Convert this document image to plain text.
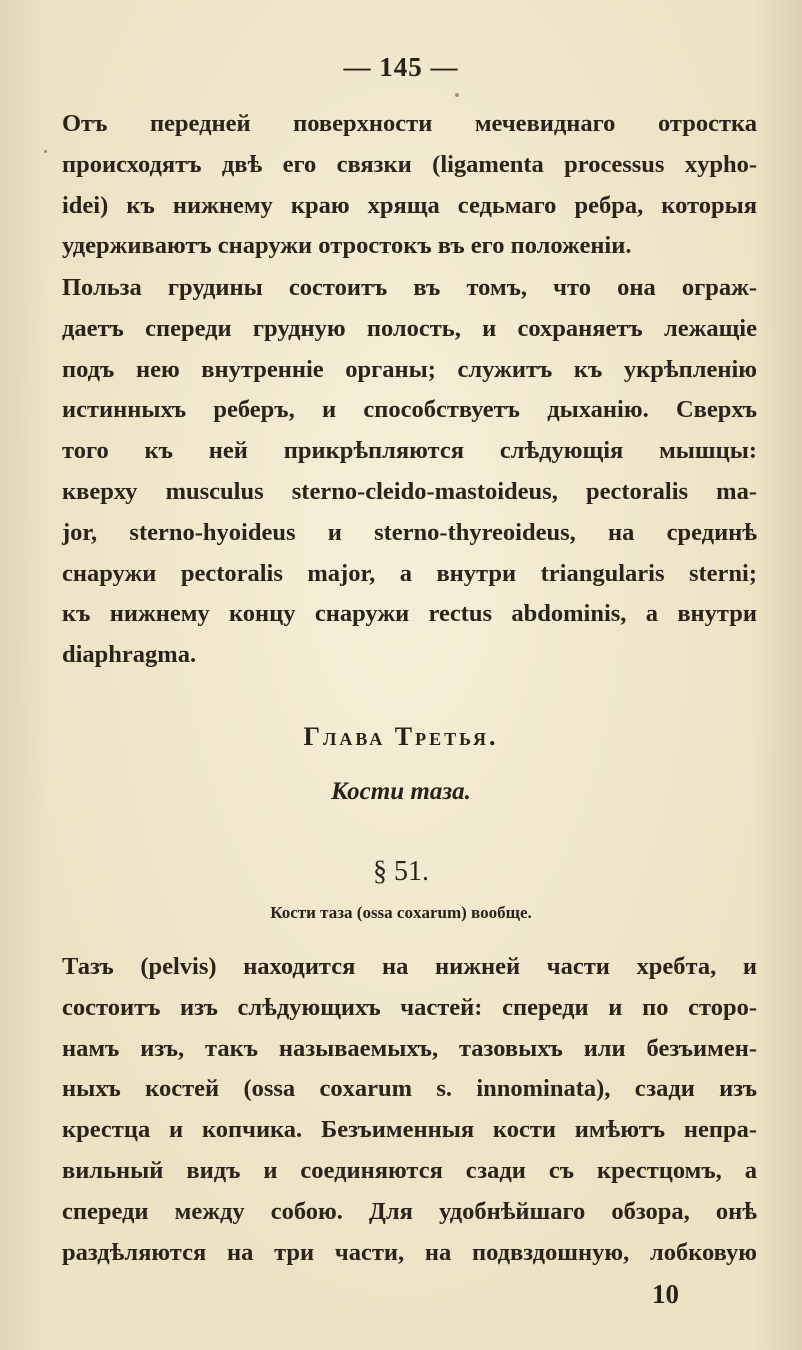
— 145 —

Отъ передней поверхности мечевиднаго отростка
происходятъ двѣ его связки (ligamenta processus xypho-
idei) къ нижнему краю хряща седьмаго ребра, которыя
удерживаютъ снаружи отростокъ въ его положеніи.

Польза грудины состоитъ въ томъ, что она ограж-
даетъ спереди грудную полость, и сохраняетъ лежащіе
подъ нею внутренніе органы; служитъ къ укрѣпленію
истинныхъ реберъ, и способствуетъ дыханію. Сверхъ
того къ ней прикрѣпляются слѣдующія мышцы:
кверху musculus sterno-cleido-mastoideus, pectoralis ma-
jor, sterno-hyoideus и sterno-thyreoideus, на срединѣ
снаружи pectoralis major, а внутри triangularis sterni;
къ нижнему концу снаружи rectus abdominis, а внутри
diaphragma.

Глава Третья.
Кости таза.
§ 51.
Кости таза (ossa coxarum) вообще.

Тазъ (pelvis) находится на нижней части хребта, и
состоитъ изъ слѣдующихъ частей: спереди и по сторо-
намъ изъ, такъ называемыхъ, тазовыхъ или безъимен-
ныхъ костей (ossa coxarum s. innominata), сзади изъ
крестца и копчика. Безъименныя кости имѣютъ непра-
вильный видъ и соединяются сзади съ крестцомъ, а
спереди между собою. Для удобнѣйшаго обзора, онѣ
раздѣляются на три части, на подвздошную, лобковую

10
